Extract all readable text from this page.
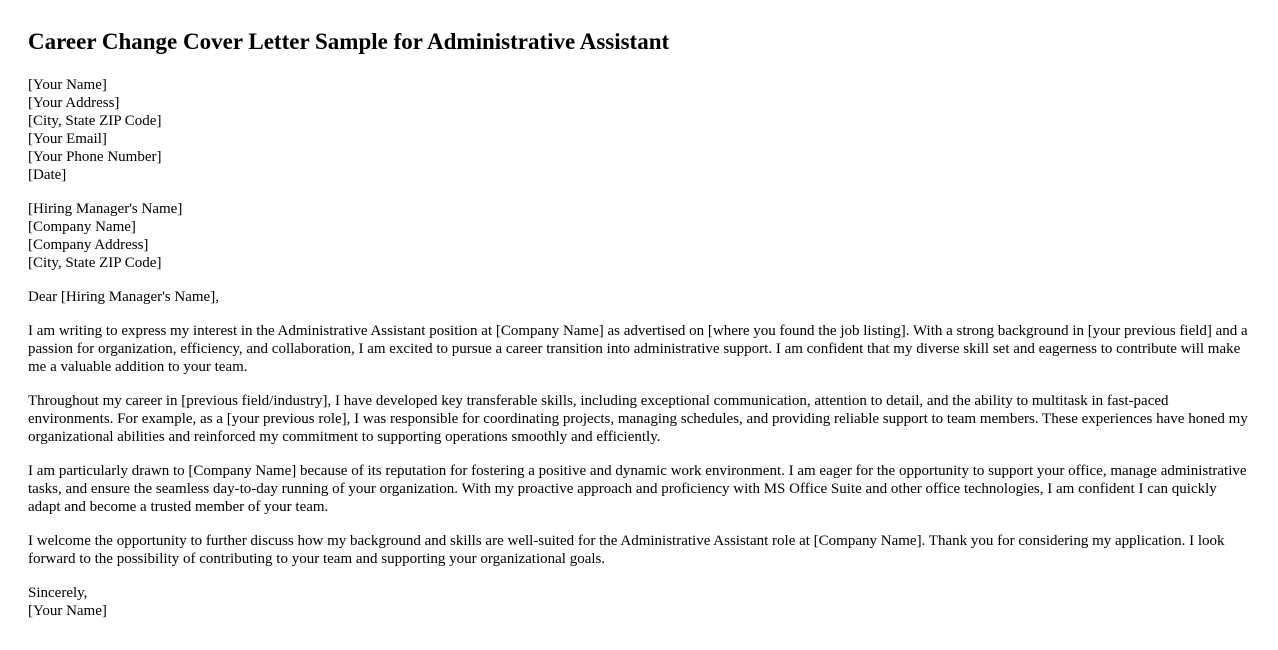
Career Change Cover Letter Sample for Administrative Assistant
[Your Name]
[Your Address]
[City, State ZIP Code]
[Your Email]
[Your Phone Number]
[Date]
[Hiring Manager's Name]
[Company Name]
[Company Address]
[City, State ZIP Code]

Dear [Hiring Manager's Name],

I am writing to express my interest in the Administrative Assistant position at [Company Name] as advertised on [where you found the job listing]. With a strong background in [your previous field] and a passion for organization, efficiency, and collaboration, I am excited to pursue a career transition into administrative support. I am confident that my diverse skill set and eagerness to contribute will make me a valuable addition to your team.

Throughout my career in [previous field/industry], I have developed key transferable skills, including exceptional communication, attention to detail, and the ability to multitask in fast-paced environments. For example, as a [your previous role], I was responsible for coordinating projects, managing schedules, and providing reliable support to team members. These experiences have honed my organizational abilities and reinforced my commitment to supporting operations smoothly and efficiently.

I am particularly drawn to [Company Name] because of its reputation for fostering a positive and dynamic work environment. I am eager for the opportunity to support your office, manage administrative tasks, and ensure the seamless day-to-day running of your organization. With my proactive approach and proficiency with MS Office Suite and other office technologies, I am confident I can quickly adapt and become a trusted member of your team.

I welcome the opportunity to further discuss how my background and skills are well-suited for the Administrative Assistant role at [Company Name]. Thank you for considering my application. I look forward to the possibility of contributing to your team and supporting your organizational goals.

Sincerely,
[Your Name]
